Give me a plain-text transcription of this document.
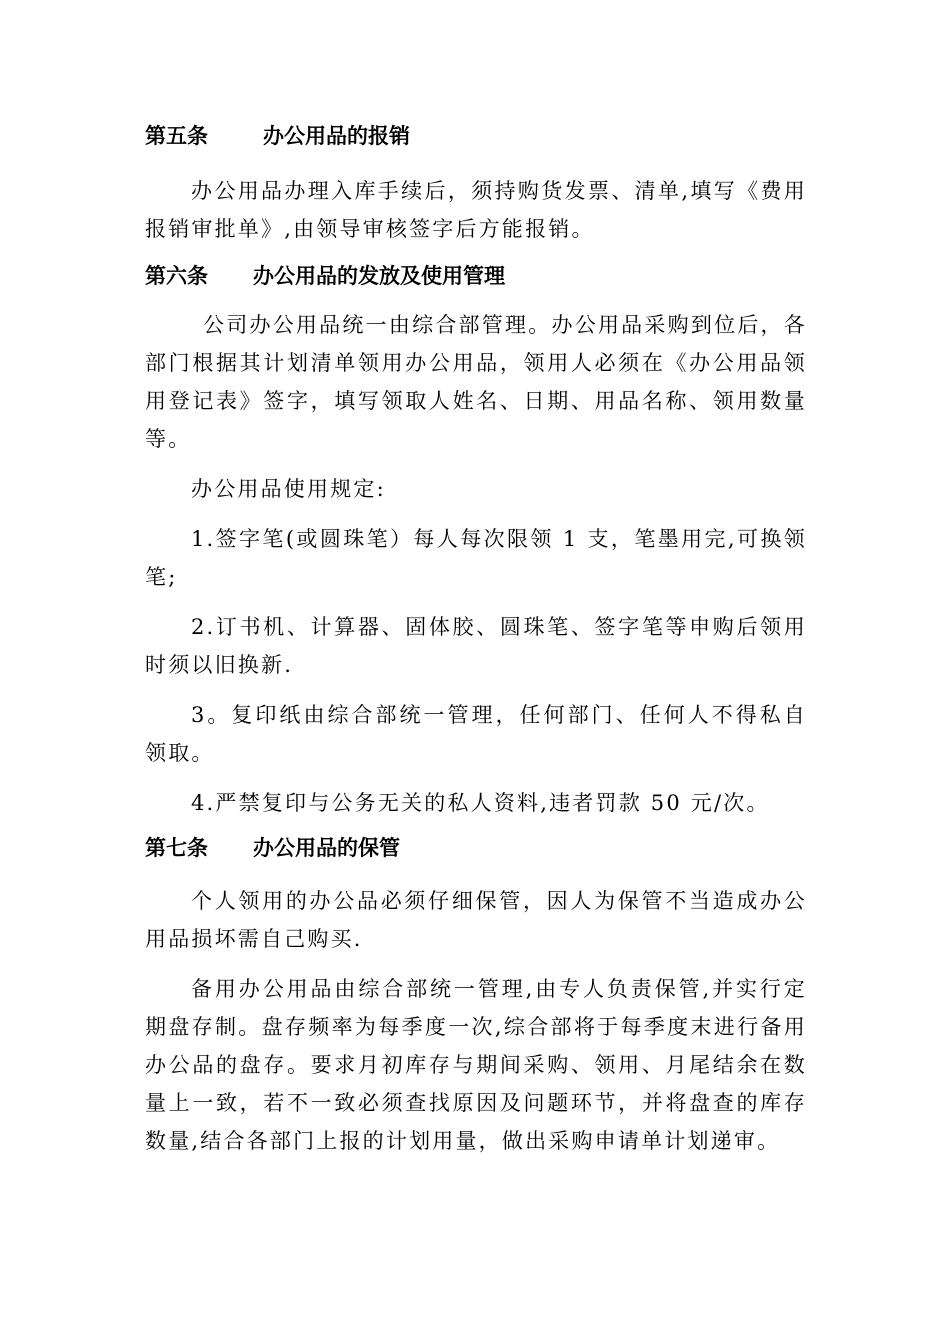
第五条	办公用品的报销

办公用品办理入库手续后，须持购货发票、清单,填写《费用报销审批单》,由领导审核签字后方能报销。

第六条 办公用品的发放及使用管理

公司办公用品统一由综合部管理。办公用品采购到位后，各部门根据其计划清单领用办公用品，领用人必须在《办公用品领用登记表》签字，填写领取人姓名、日期、用品名称、领用数量等。

办公用品使用规定:

1.签字笔(或圆珠笔）每人每次限领 1 支，笔墨用完,可换领笔;

2.订书机、计算器、固体胶、圆珠笔、签字笔等申购后领用时须以旧换新.

3。复印纸由综合部统一管理，任何部门、任何人不得私自领取。

4.严禁复印与公务无关的私人资料,违者罚款 50 元/次。

第七条 办公用品的保管

个人领用的办公品必须仔细保管，因人为保管不当造成办公用品损坏需自己购买.

备用办公用品由综合部统一管理,由专人负责保管,并实行定期盘存制。盘存频率为每季度一次,综合部将于每季度末进行备用办公品的盘存。要求月初库存与期间采购、领用、月尾结余在数量上一致，若不一致必须查找原因及问题环节，并将盘查的库存数量,结合各部门上报的计划用量，做出采购申请单计划递审。
